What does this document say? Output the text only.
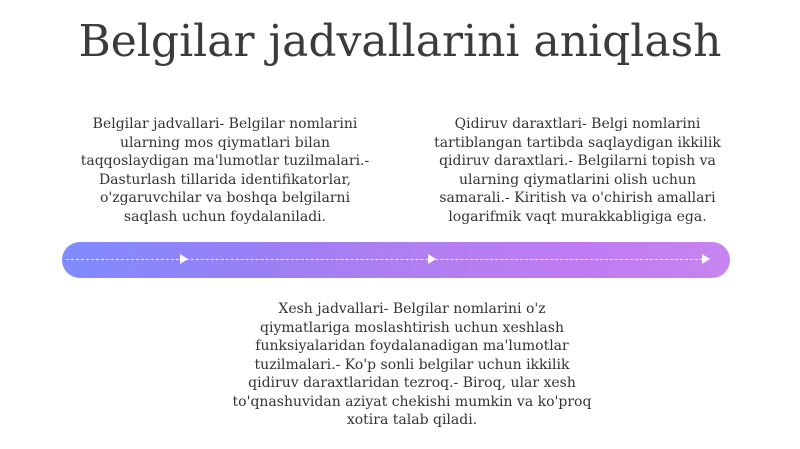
Belgilar jadvallarini aniqlash
Belgilar jadvallari- Belgilar nomlarini ularning mos qiymatlari bilan taqqoslaydigan ma'lumotlar tuzilmalari.- Dasturlash tillarida identifikatorlar, o'zgaruvchilar va boshqa belgilarni saqlash uchun foydalaniladi.
Qidiruv daraxtlari- Belgi nomlarini tartiblangan tartibda saqlaydigan ikkilik qidiruv daraxtlari.- Belgilarni topish va ularning qiymatlarini olish uchun samarali.- Kiritish va o'chirish amallari logarifmik vaqt murakkabligiga ega.
Xesh jadvallari- Belgilar nomlarini o'z qiymatlariga moslashtirish uchun xeshlash funksiyalaridan foydalanadigan ma'lumotlar tuzilmalari.- Ko'p sonli belgilar uchun ikkilik qidiruv daraxtlaridan tezroq.- Biroq, ular xesh to'qnashuvidan aziyat chekishi mumkin va ko'proq xotira talab qiladi.
